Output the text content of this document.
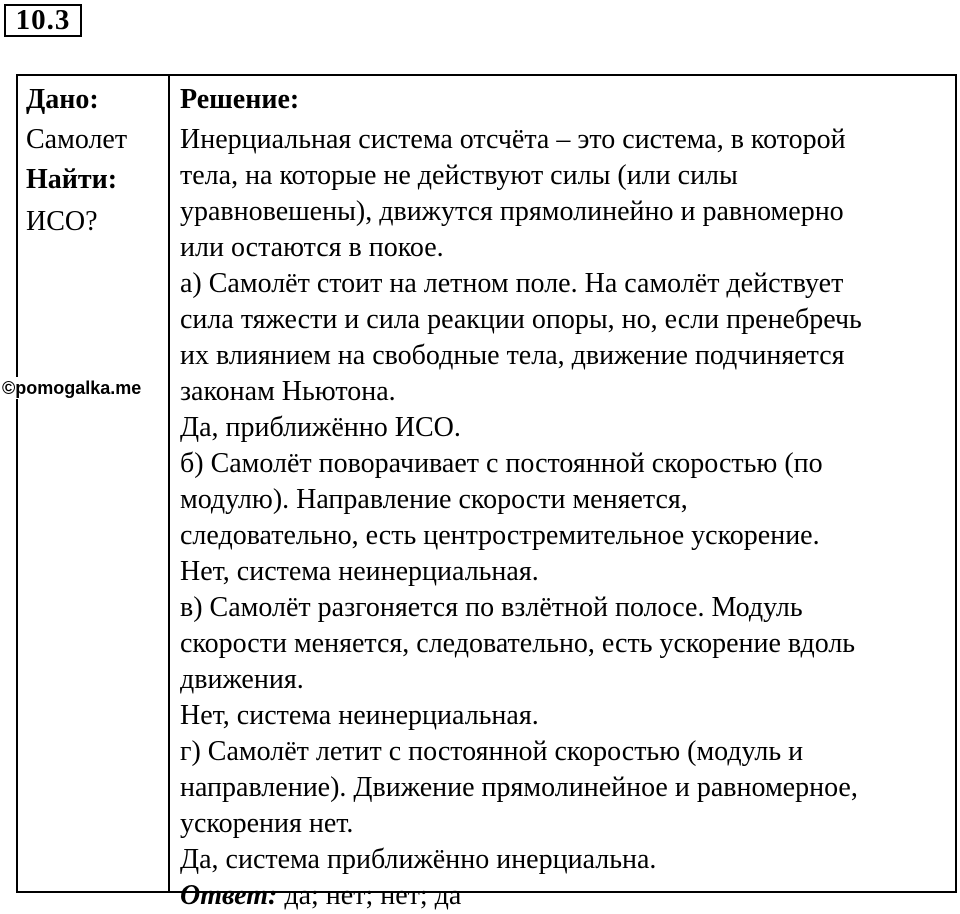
10.3
Дано:
Самолет
Найти:
ИСО?
Решение:
Инерциальная система отсчёта – это система, в которой
тела, на которые не действуют силы (или силы
уравновешены), движутся прямолинейно и равномерно
или остаются в покое.
а) Самолёт стоит на летном поле. На самолёт действует
сила тяжести и сила реакции опоры, но, если пренебречь
их влиянием на свободные тела, движение подчиняется
законам Ньютона.
Да, приближённо ИСО.
б) Самолёт поворачивает с постоянной скоростью (по
модулю). Направление скорости меняется,
следовательно, есть центростремительное ускорение.
Нет, система неинерциальная.
в) Самолёт разгоняется по взлётной полосе. Модуль
скорости меняется, следовательно, есть ускорение вдоль
движения.
Нет, система неинерциальная.
г) Самолёт летит с постоянной скоростью (модуль и
направление). Движение прямолинейное и равномерное,
ускорения нет.
Да, система приближённо инерциальна.
Ответ: да; нет; нет; да
©pomogalka.me
